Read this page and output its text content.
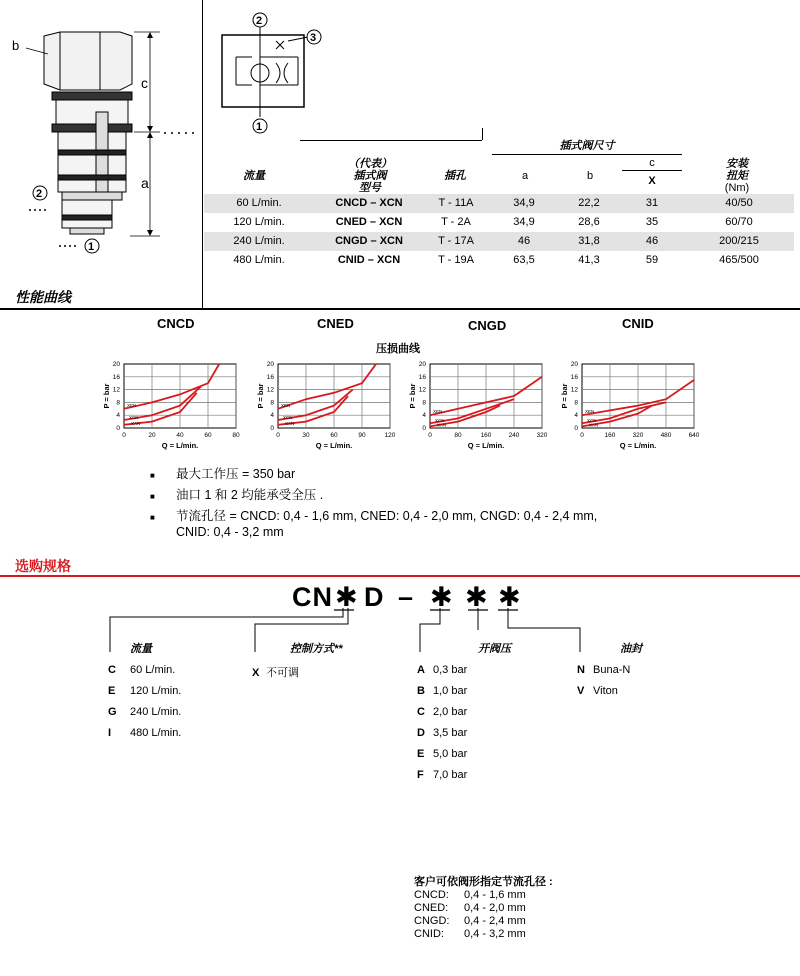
b
c
a
2
1
2
3
1
插式阀尺寸
流量
（代表）
插式阀
型号
插孔	a	b
c
X
安装
扭矩
(Nm)
60 L/min.	CNCD – XCN	T - 11A	34,9	22,2	31	40/50
120 L/min.	CNED – XCN	T - 2A	34,9	28,6	35	60/70
240 L/min.	CNGD – XCN	T - 17A	46	31,8	46	200/215
480 L/min.	CNID – XCN	T - 19A	63,5	41,3	59	465/500
性能曲线
CNCD	CNED	CNGD	CNID
压损曲线
0	20	40	60	80
0
4
8
12
16
20
Q = L/min.
P = bar	XEN
XCN
XAN
0	30	60	90	120
0
4
8
12
16
20
Q = L/min.
P = bar	XEN
XCN
XAN
0	80	160	240	320
0
4
8
12
16
20
Q = L/min.
P = bar
XEN
XCN
XAN
0	160	320	480	640
0
4
8
12
16
20
Q = L/min.
P = bar
XEN
XCN
XAN
■ 最大工作压 = 350 bar
■ 油口 1 和 2 均能承受全压 .
■ 节流孔径 = CNCD: 0,4 - 1,6 mm, CNED: 0,4 - 2,0 mm, CNGD: 0,4 - 2,4 mm,
CNID: 0,4 - 3,2 mm
选购规格
CN ✱ D – ✱ ✱ ✱
流量	控制方式**	开阀压	油封
C 60 L/min.
E 120 L/min.
G 240 L/min.
I 480 L/min.
X 不可调	A 0,3 bar
B 1,0 bar
C 2,0 bar
D 3,5 bar
E 5,0 bar
F 7,0 bar
N Buna-N
V Viton
客户可依阀形指定节流孔径 :
CNCD: 0,4 - 1,6 mm
CNED: 0,4 - 2,0 mm
CNGD: 0,4 - 2,4 mm
CNID: 0,4 - 3,2 mm
